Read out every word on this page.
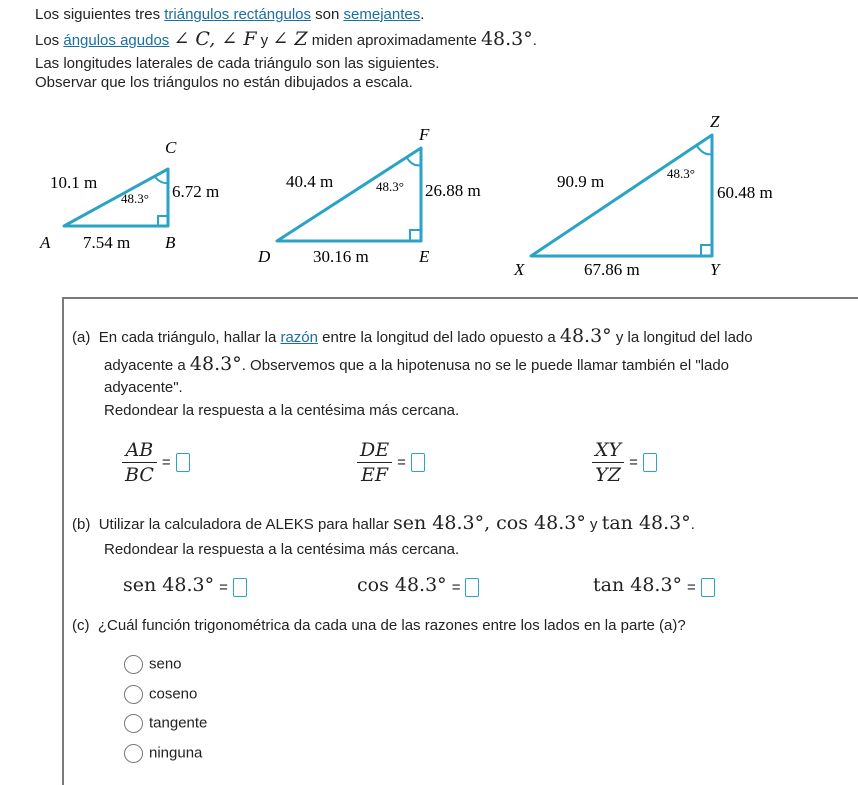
Los siguientes tres triángulos rectángulos son semejantes.
Los ángulos agudos ∠ C, ∠ F y ∠ Z miden aproximadamente 48.3°.
Las longitudes laterales de cada triángulo son las siguientes.
Observar que los triángulos no están dibujados a escala.
C
A	B
10.1 m	6.72 m
7.54 m
48.3°
F
D	E
40.4 m	26.88 m
30.16 m
48.3°
Z
X	Y
90.9 m
60.48 m
67.86 m
48.3°
(a) En cada triángulo, hallar la razón entre la longitud del lado opuesto a 48.3° y la longitud del lado
adyacente a 48.3°. Observemos que a la hipotenusa no se le puede llamar también el "lado
adyacente".
Redondear la respuesta a la centésima más cercana.
$\frac{AB}{BC}$ =	$\frac{DE}{EF}$ =	$\frac{XY}{YZ}$ =
(b) Utilizar la calculadora de ALEKS para hallar sen 48.3°, cos 48.3° y tan 48.3°.
Redondear la respuesta a la centésima más cercana.
sen 48.3° =	cos 48.3° =	tan 48.3° =
(c) ¿Cuál función trigonométrica da cada una de las razones entre los lados en la parte (a)?
seno
coseno
tangente
ninguna
